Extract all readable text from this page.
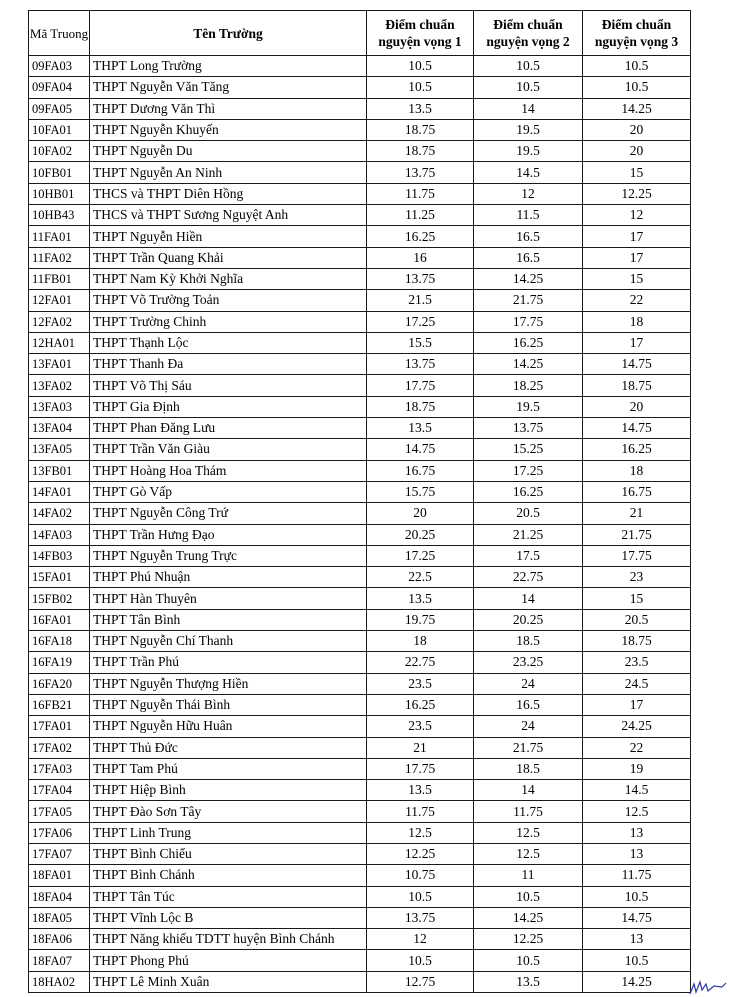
Mã Truong	Tên Trường	Điểm chuẩn nguyện vọng 1	Điểm chuẩn nguyện vọng 2	Điểm chuẩn nguyện vọng 3
09FA03	THPT Long Trường	10.5	10.5	10.5
09FA04	THPT Nguyễn Văn Tăng	10.5	10.5	10.5
09FA05	THPT Dương Văn Thì	13.5	14	14.25
10FA01	THPT Nguyễn Khuyến	18.75	19.5	20
10FA02	THPT Nguyễn Du	18.75	19.5	20
10FB01	THPT Nguyễn An Ninh	13.75	14.5	15
10HB01	THCS và THPT Diên Hồng	11.75	12	12.25
10HB43	THCS và THPT Sương Nguyệt Anh	11.25	11.5	12
11FA01	THPT Nguyễn Hiền	16.25	16.5	17
11FA02	THPT Trần Quang Khải	16	16.5	17
11FB01	THPT Nam Kỳ Khởi Nghĩa	13.75	14.25	15
12FA01	THPT Võ Trường Toản	21.5	21.75	22
12FA02	THPT Trường Chinh	17.25	17.75	18
12HA01	THPT Thạnh Lộc	15.5	16.25	17
13FA01	THPT Thanh Đa	13.75	14.25	14.75
13FA02	THPT Võ Thị Sáu	17.75	18.25	18.75
13FA03	THPT Gia Định	18.75	19.5	20
13FA04	THPT Phan Đăng Lưu	13.5	13.75	14.75
13FA05	THPT Trần Văn Giàu	14.75	15.25	16.25
13FB01	THPT Hoàng Hoa Thám	16.75	17.25	18
14FA01	THPT Gò Vấp	15.75	16.25	16.75
14FA02	THPT Nguyễn Công Trứ	20	20.5	21
14FA03	THPT Trần Hưng Đạo	20.25	21.25	21.75
14FB03	THPT Nguyễn Trung Trực	17.25	17.5	17.75
15FA01	THPT Phú Nhuận	22.5	22.75	23
15FB02	THPT Hàn Thuyên	13.5	14	15
16FA01	THPT Tân Bình	19.75	20.25	20.5
16FA18	THPT Nguyễn Chí Thanh	18	18.5	18.75
16FA19	THPT Trần Phú	22.75	23.25	23.5
16FA20	THPT Nguyễn Thượng Hiền	23.5	24	24.5
16FB21	THPT Nguyễn Thái Bình	16.25	16.5	17
17FA01	THPT Nguyễn Hữu Huân	23.5	24	24.25
17FA02	THPT Thủ Đức	21	21.75	22
17FA03	THPT Tam Phú	17.75	18.5	19
17FA04	THPT Hiệp Bình	13.5	14	14.5
17FA05	THPT Đào Sơn Tây	11.75	11.75	12.5
17FA06	THPT Linh Trung	12.5	12.5	13
17FA07	THPT Bình Chiểu	12.25	12.5	13
18FA01	THPT Bình Chánh	10.75	11	11.75
18FA04	THPT Tân Túc	10.5	10.5	10.5
18FA05	THPT Vĩnh Lộc B	13.75	14.25	14.75
18FA06	THPT Năng khiếu TDTT huyện Bình Chánh	12	12.25	13
18FA07	THPT Phong Phú	10.5	10.5	10.5
18HA02	THPT Lê Minh Xuân	12.75	13.5	14.25
